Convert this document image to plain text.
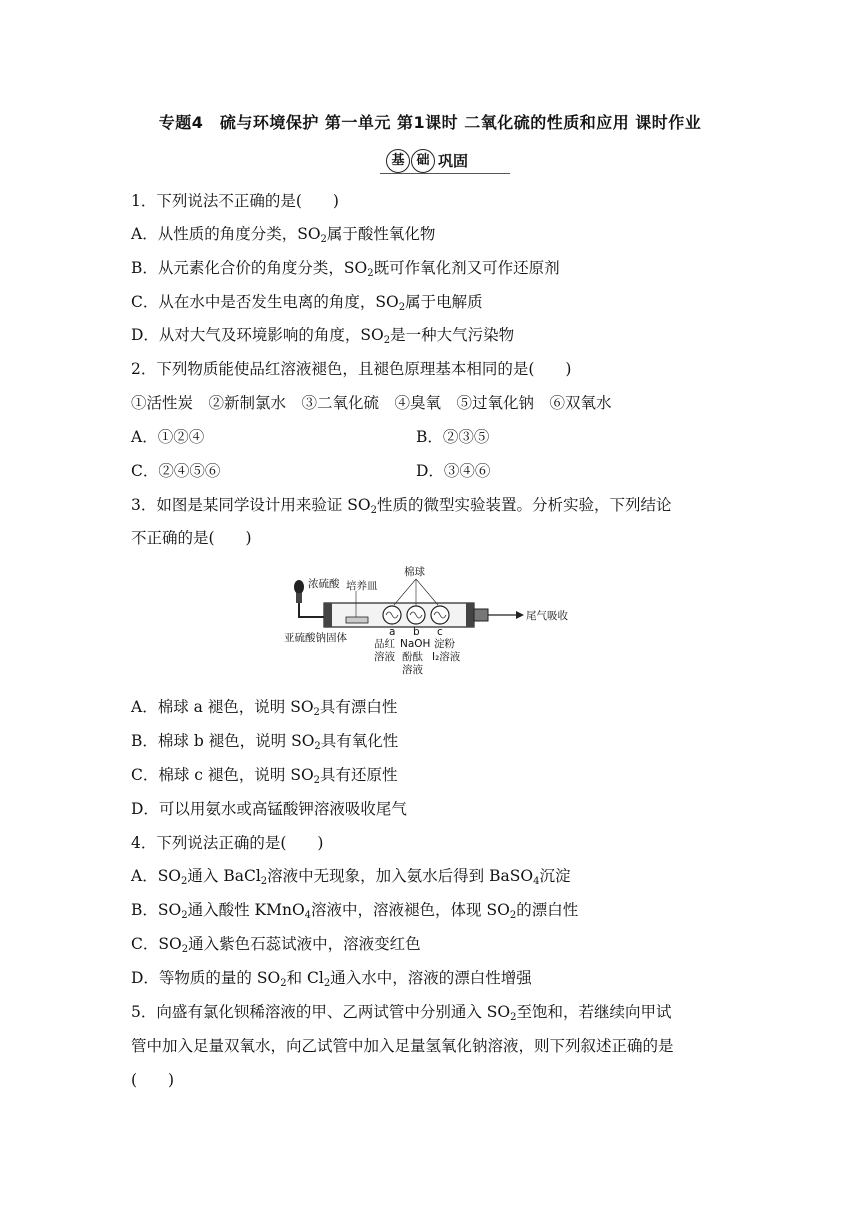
专题4　硫与环境保护 第一单元 第1课时 二氧化硫的性质和应用 课时作业
基 础 巩固
1．下列说法不正确的是(　　)
A．从性质的角度分类，$SO_2$属于酸性氧化物
B．从元素化合价的角度分类，$SO_2$既可作氧化剂又可作还原剂
C．从在水中是否发生电离的角度，$SO_2$属于电解质
D．从对大气及环境影响的角度，$SO_2$是一种大气污染物
2．下列物质能使品红溶液褪色，且褪色原理基本相同的是(　　)
①活性炭　②新制氯水　③二氧化硫　④臭氧　⑤过氧化钠　⑥双氧水
A．①②④	B．②③⑤
C．②④⑤⑥	D．③④⑥
3．如图是某同学设计用来验证 $SO_2$性质的微型实验装置。分析实验，下列结论
不正确的是(　　)
浓硫酸 培养皿
棉球
尾气吸收
亚硫酸钠固体	a b c
品红
溶液
NaOH
酚酞
溶液
淀粉
I₂溶液
A．棉球 a 褪色，说明 $SO_2$具有漂白性
B．棉球 b 褪色，说明 $SO_2$具有氧化性
C．棉球 c 褪色，说明 $SO_2$具有还原性
D．可以用氨水或高锰酸钾溶液吸收尾气
4．下列说法正确的是(　　)
A．$SO_2$通入 BaCl$_2$溶液中无现象，加入氨水后得到 BaSO$_4$沉淀
B．$SO_2$通入酸性 KMnO$_4$溶液中，溶液褪色，体现 $SO_2$的漂白性
C．$SO_2$通入紫色石蕊试液中，溶液变红色
D．等物质的量的 $SO_2$和 $Cl_2$通入水中，溶液的漂白性增强
5．向盛有氯化钡稀溶液的甲、乙两试管中分别通入 $SO_2$至饱和，若继续向甲试
管中加入足量双氧水，向乙试管中加入足量氢氧化钠溶液，则下列叙述正确的是
(　　)
